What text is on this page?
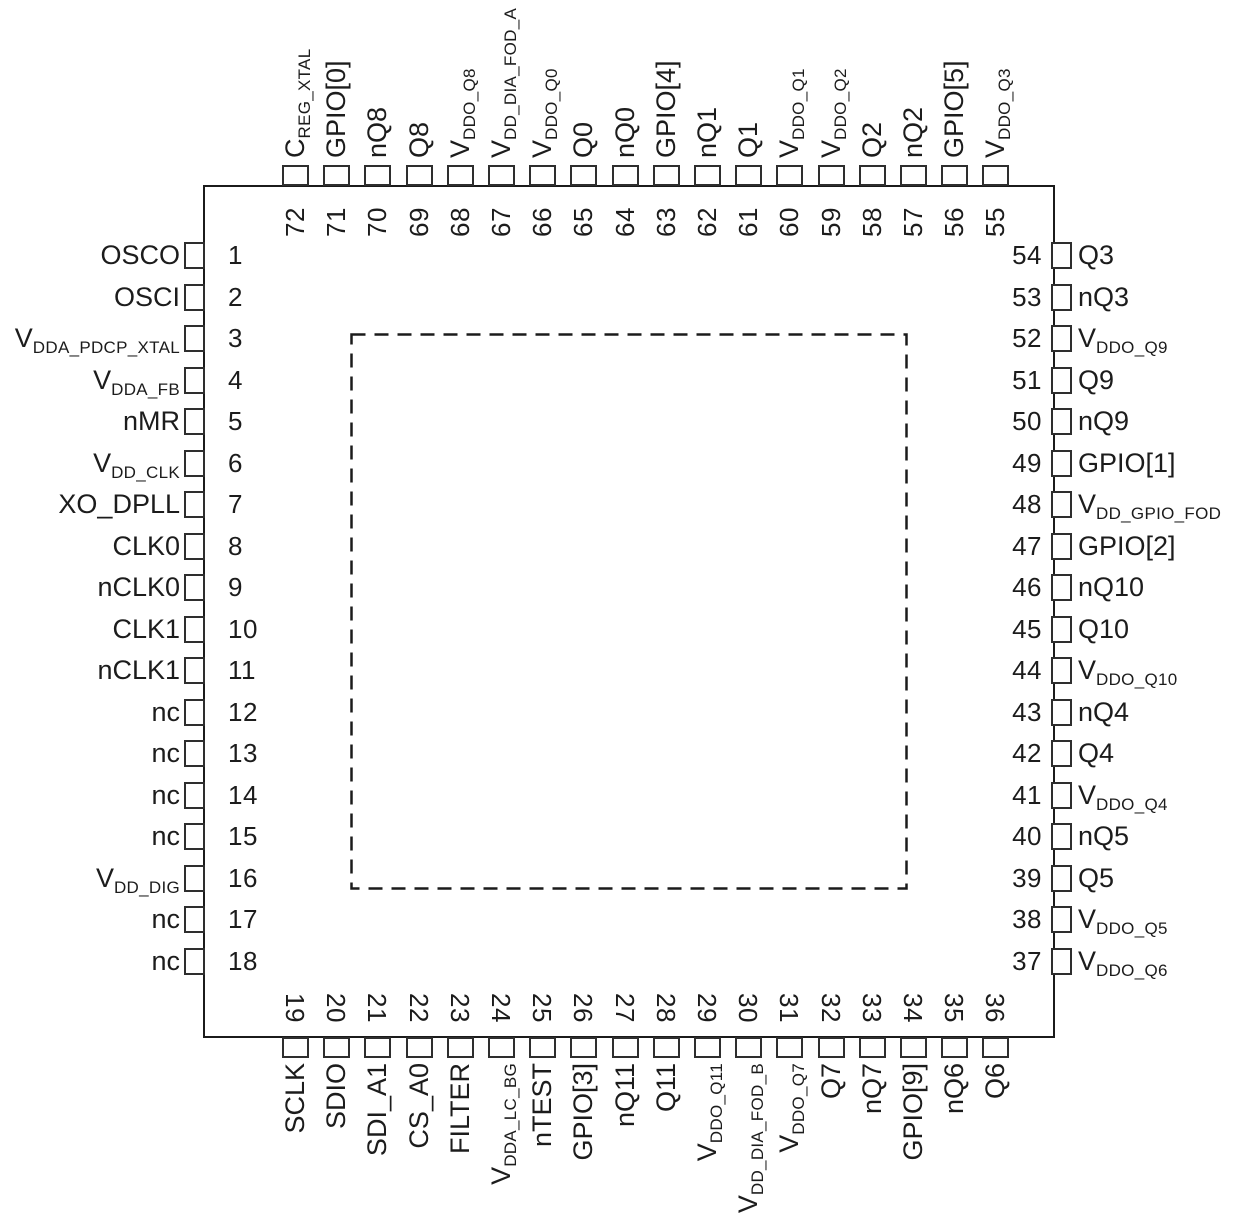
1
OSCO
2
OSCI
3
$V_{DDA\_PDCP\_XTAL}$
4
$V_{DDA\_FB}$
5
nMR
6
$V_{DD\_CLK}$
7
XO_DPLL
8
CLK0
9
nCLK0
10
CLK1
11
nCLK1
12
nc
13
nc
14
nc
15
nc
16
$V_{DD\_DIG}$
17
nc
18
nc
54 Q3
53 nQ3
52 $V_{DDO\_Q9}$
51 Q9
50 nQ9
49 GPIO[1]
48 $V_{DD\_GPIO\_FOD}$
47 GPIO[2]
46 nQ10
45 Q10
44 $V_{DDO\_Q10}$
43 nQ4
42 Q4
41 $V_{DDO\_Q4}$
40 nQ5
39 Q5
38 $V_{DDO\_Q5}$
37 $V_{DDO\_Q6}$
72
$C_{REG\_XTAL}$
71
GPIO[0]
70
nQ8
69
Q8
68
$V_{DDO\_Q8}$
67
$V_{DD\_DIA\_FOD\_A}$
66
$V_{DDO\_Q0}$
65
Q0
64
nQ0
63
GPIO[4]
62
nQ1
61
Q1
60
$V_{DDO\_Q1}$
59
$V_{DDO\_Q2}$
58
Q2
57
nQ2
56
GPIO[5]
55
$V_{DDO\_Q3}$
19
SCLK
20
SDIO
21
SDI_A1
22
CS_A0
23
FILTER
24
$V_{DDA\_LC\_BG}$
25
nTEST
26
GPIO[3]
27
nQ11
28
Q11
29
$V_{DDO\_Q11}$
30
$V_{DD\_DIA\_FOD\_B}$
31
$V_{DDO\_Q7}$
32
Q7
33
nQ7
34
GPIO[9]
35
nQ6
36
Q6
